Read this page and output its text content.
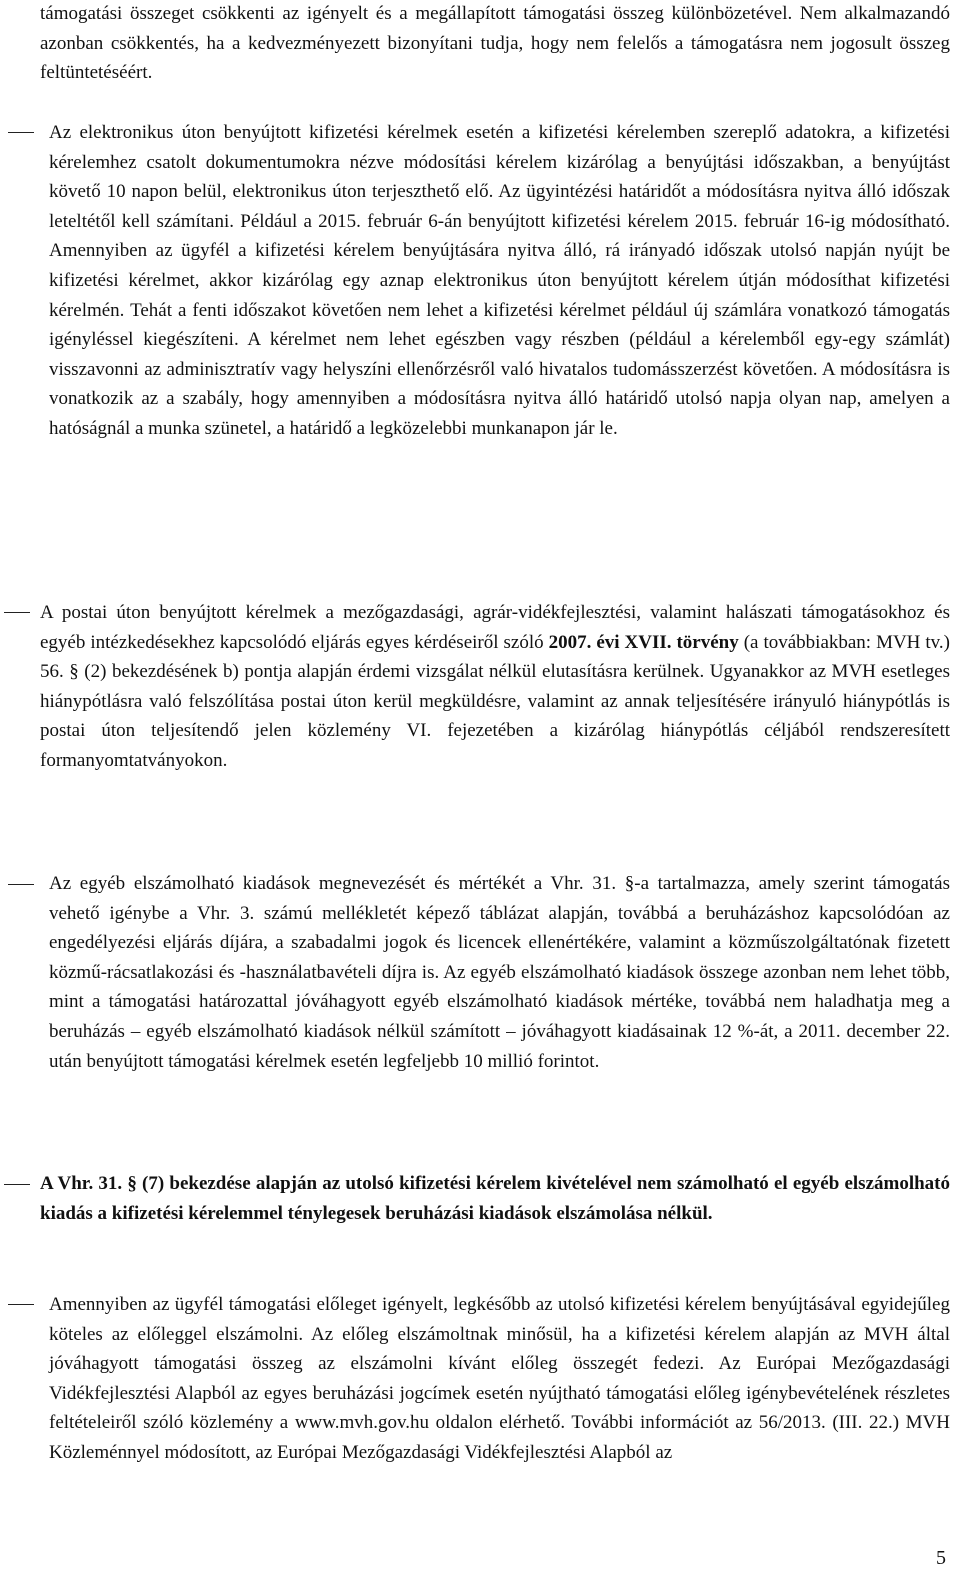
támogatási összeget csökkenti az igényelt és a megállapított támogatási összeg különbözetével. Nem alkalmazandó azonban csökkentés, ha a kedvezményezett bizonyítani tudja, hogy nem felelős a támogatásra nem jogosult összeg feltüntetéséért.
Az elektronikus úton benyújtott kifizetési kérelmek esetén a kifizetési kérelemben szereplő adatokra, a kifizetési kérelemhez csatolt dokumentumokra nézve módosítási kérelem kizárólag a benyújtási időszakban, a benyújtást követő 10 napon belül, elektronikus úton terjeszthető elő. Az ügyintézési határidőt a módosításra nyitva álló időszak leteltétől kell számítani. Például a 2015. február 6-án benyújtott kifizetési kérelem 2015. február 16-ig módosítható. Amennyiben az ügyfél a kifizetési kérelem benyújtására nyitva álló, rá irányadó időszak utolsó napján nyújt be kifizetési kérelmet, akkor kizárólag egy aznap elektronikus úton benyújtott kérelem útján módosíthat kifizetési kérelmén. Tehát a fenti időszakot követően nem lehet a kifizetési kérelmet például új számlára vonatkozó támogatás igényléssel kiegészíteni. A kérelmet nem lehet egészben vagy részben (például a kérelemből egy-egy számlát) visszavonni az adminisztratív vagy helyszíni ellenőrzésről való hivatalos tudomásszerzést követően. A módosításra is vonatkozik az a szabály, hogy amennyiben a módosításra nyitva álló határidő utolsó napja olyan nap, amelyen a hatóságnál a munka szünetel, a határidő a legközelebbi munkanapon jár le.
A postai úton benyújtott kérelmek a mezőgazdasági, agrár-vidékfejlesztési, valamint halászati támogatásokhoz és egyéb intézkedésekhez kapcsolódó eljárás egyes kérdéseiről szóló 2007. évi XVII. törvény (a továbbiakban: MVH tv.) 56. § (2) bekezdésének b) pontja alapján érdemi vizsgálat nélkül elutasításra kerülnek. Ugyanakkor az MVH esetleges hiánypótlásra való felszólítása postai úton kerül megküldésre, valamint az annak teljesítésére irányuló hiánypótlás is postai úton teljesítendő jelen közlemény VI. fejezetében a kizárólag hiánypótlás céljából rendszeresített formanyomtatványokon.
Az egyéb elszámolható kiadások megnevezését és mértékét a Vhr. 31. §-a tartalmazza, amely szerint támogatás vehető igénybe a Vhr. 3. számú mellékletét képező táblázat alapján, továbbá a beruházáshoz kapcsolódóan az engedélyezési eljárás díjára, a szabadalmi jogok és licencek ellenértékére, valamint a közműszolgáltatónak fizetett közmű-rácsatlakozási és -használatbavételi díjra is. Az egyéb elszámolható kiadások összege azonban nem lehet több, mint a támogatási határozattal jóváhagyott egyéb elszámolható kiadások mértéke, továbbá nem haladhatja meg a beruházás – egyéb elszámolható kiadások nélkül számított – jóváhagyott kiadásainak 12 %-át, a 2011. december 22. után benyújtott támogatási kérelmek esetén legfeljebb 10 millió forintot.
A Vhr. 31. § (7) bekezdése alapján az utolsó kifizetési kérelem kivételével nem számolható el egyéb elszámolható kiadás a kifizetési kérelemmel ténylegesek beruházási kiadások elszámolása nélkül.
Amennyiben az ügyfél támogatási előleget igényelt, legkésőbb az utolsó kifizetési kérelem benyújtásával egyidejűleg köteles az előleggel elszámolni. Az előleg elszámoltnak minősül, ha a kifizetési kérelem alapján az MVH által jóváhagyott támogatási összeg az elszámolni kívánt előleg összegét fedezi. Az Európai Mezőgazdasági Vidékfejlesztési Alapból az egyes beruházási jogcímek esetén nyújtható támogatási előleg igénybevételének részletes feltételeiről szóló közlemény a www.mvh.gov.hu oldalon elérhető. További információt az 56/2013. (III. 22.) MVH Közleménnyel módosított, az Európai Mezőgazdasági Vidékfejlesztési Alapból az
5
